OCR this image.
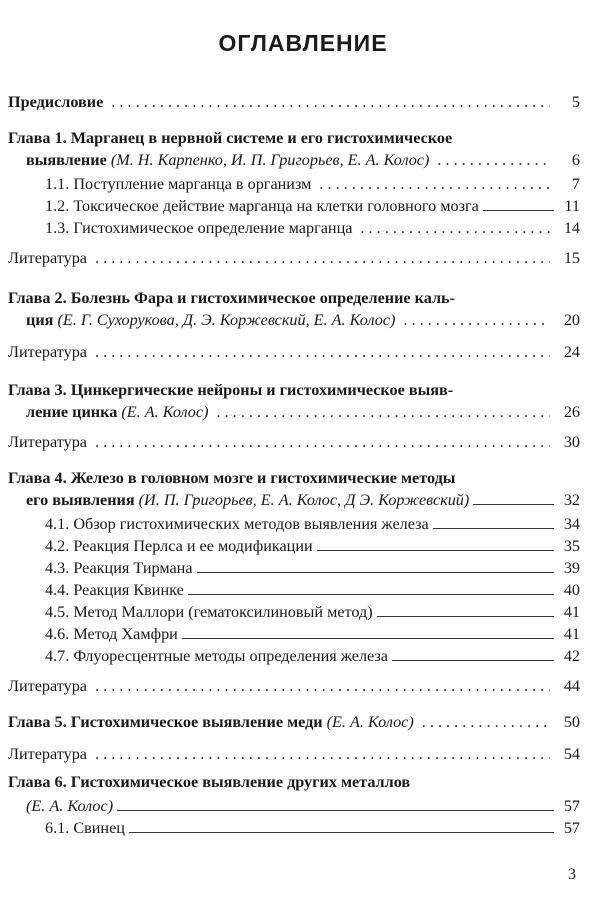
ОГЛАВЛЕНИЕ
Предисловие . . .	5
Глава 1. Марганец в нервной системе и его гистохимическое
выявление (М. Н. Карпенко, И. П. Григорьев, Е. А. Колос) . . .	6
1.1. Поступление марганца в организм . . .	7
1.2. Токсическое действие марганца на клетки головного мозга	11
1.3. Гистохимическое определение марганца . . .	14
Литература . . .	15
Глава 2. Болезнь Фара и гистохимическое определение каль-
ция (Е. Г. Сухорукова, Д. Э. Коржевский, Е. А. Колос) . . .	20
Литература . . .	24
Глава 3. Цинкергические нейроны и гистохимическое выяв-
ление цинка (Е. А. Колос) . . .	26
Литература . . .	30
Глава 4. Железо в головном мозге и гистохимические методы
его выявления (И. П. Григорьев, Е. А. Колос, Д Э. Коржевский)	32
4.1. Обзор гистохимических методов выявления железа	34
4.2. Реакция Перлса и ее модификации	35
4.3. Реакция Тирмана	39
4.4. Реакция Квинке	40
4.5. Метод Маллори (гематоксилиновый метод)	41
4.6. Метод Хамфри	41
4.7. Флуоресцентные методы определения железа	42
Литература . . .	44
Глава 5. Гистохимическое выявление меди (Е. А. Колос) . . .	50
Литература . . .	54
Глава 6. Гистохимическое выявление других металлов
(Е. А. Колос)	57
6.1. Свинец	57
3
